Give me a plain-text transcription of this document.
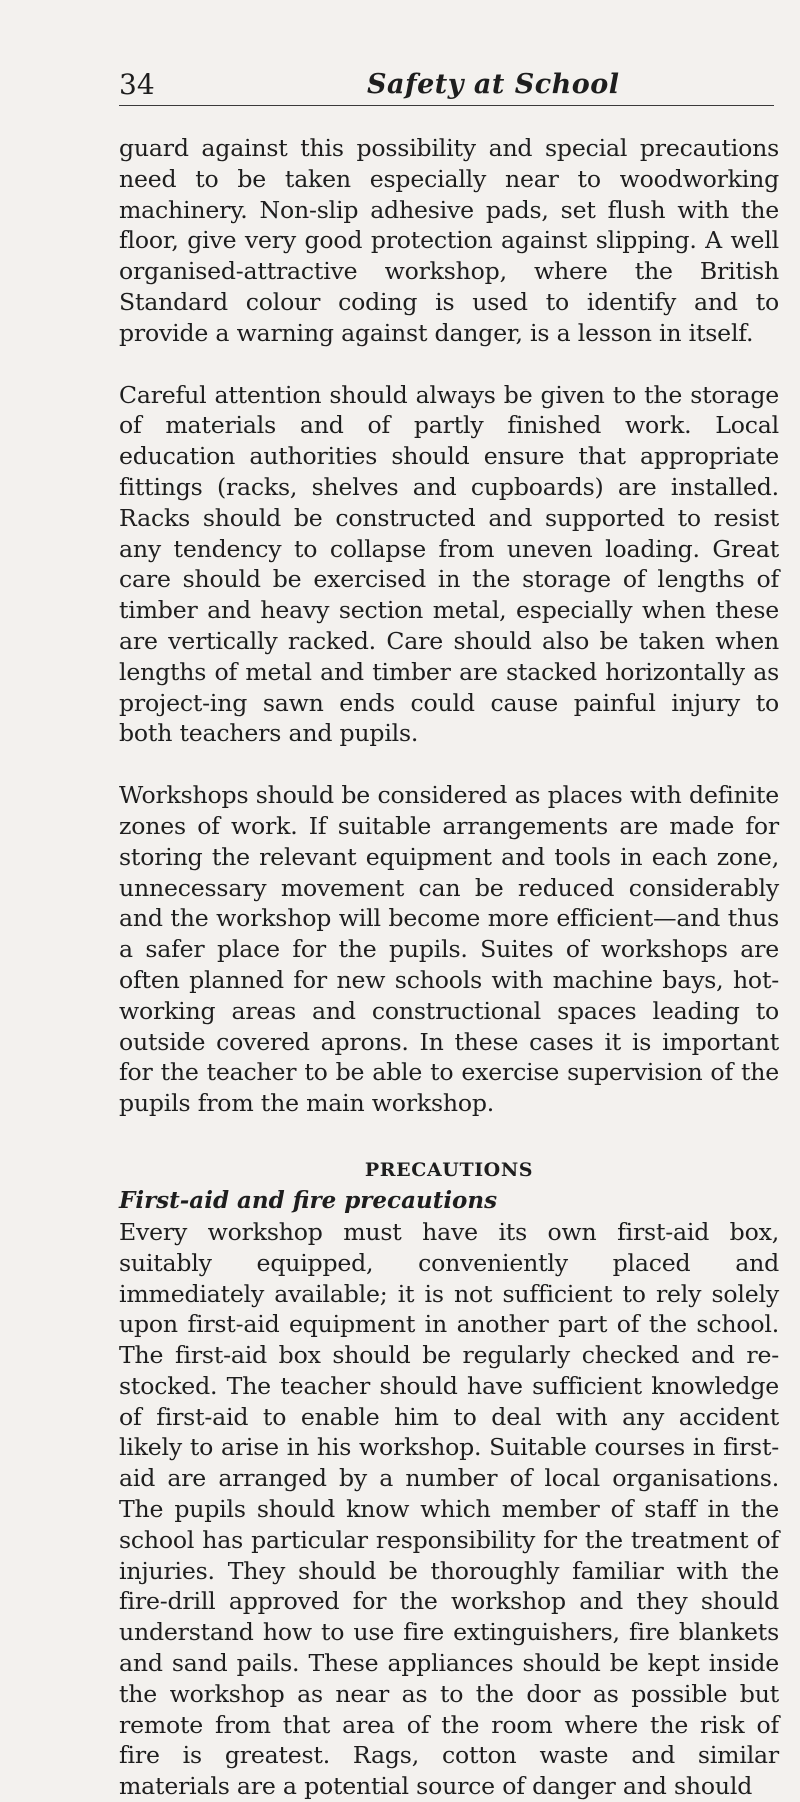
34	Safety at School

guard against this possibility and special precautions need to be taken especially near to woodworking machinery. Non-slip adhesive pads, set flush with the floor, give very good protection against slipping. A well organised-attractive workshop, where the British Standard colour coding is used to identify and to provide a warning against danger, is a lesson in itself.

Careful attention should always be given to the storage of materials and of partly finished work. Local education authorities should ensure that appropriate fittings (racks, shelves and cupboards) are installed. Racks should be constructed and supported to resist any tendency to collapse from uneven loading. Great care should be exercised in the storage of lengths of timber and heavy section metal, especially when these are vertically racked. Care should also be taken when lengths of metal and timber are stacked horizontally as project-ing sawn ends could cause painful injury to both teachers and pupils.

Workshops should be considered as places with definite zones of work. If suitable arrangements are made for storing the relevant equipment and tools in each zone, unnecessary movement can be reduced considerably and the workshop will become more efficient—and thus a safer place for the pupils. Suites of workshops are often planned for new schools with machine bays, hot-working areas and constructional spaces leading to outside covered aprons. In these cases it is important for the teacher to be able to exercise supervision of the pupils from the main workshop.

PRECAUTIONS
First-aid and fire precautions

Every workshop must have its own first-aid box, suitably equipped, conveniently placed and immediately available; it is not sufficient to rely solely upon first-aid equipment in another part of the school. The first-aid box should be regularly checked and re-stocked. The teacher should have sufficient knowledge of first-aid to enable him to deal with any accident likely to arise in his workshop. Suitable courses in first-aid are arranged by a number of local organisations. The pupils should know which member of staff in the school has particular responsibility for the treatment of injuries. They should be thoroughly familiar with the fire-drill approved for the workshop and they should understand how to use fire extinguishers, fire blankets and sand pails. These appliances should be kept inside the workshop as near as to the door as possible but remote from that area of the room where the risk of fire is greatest. Rags, cotton waste and similar materials are a potential source of danger and should
